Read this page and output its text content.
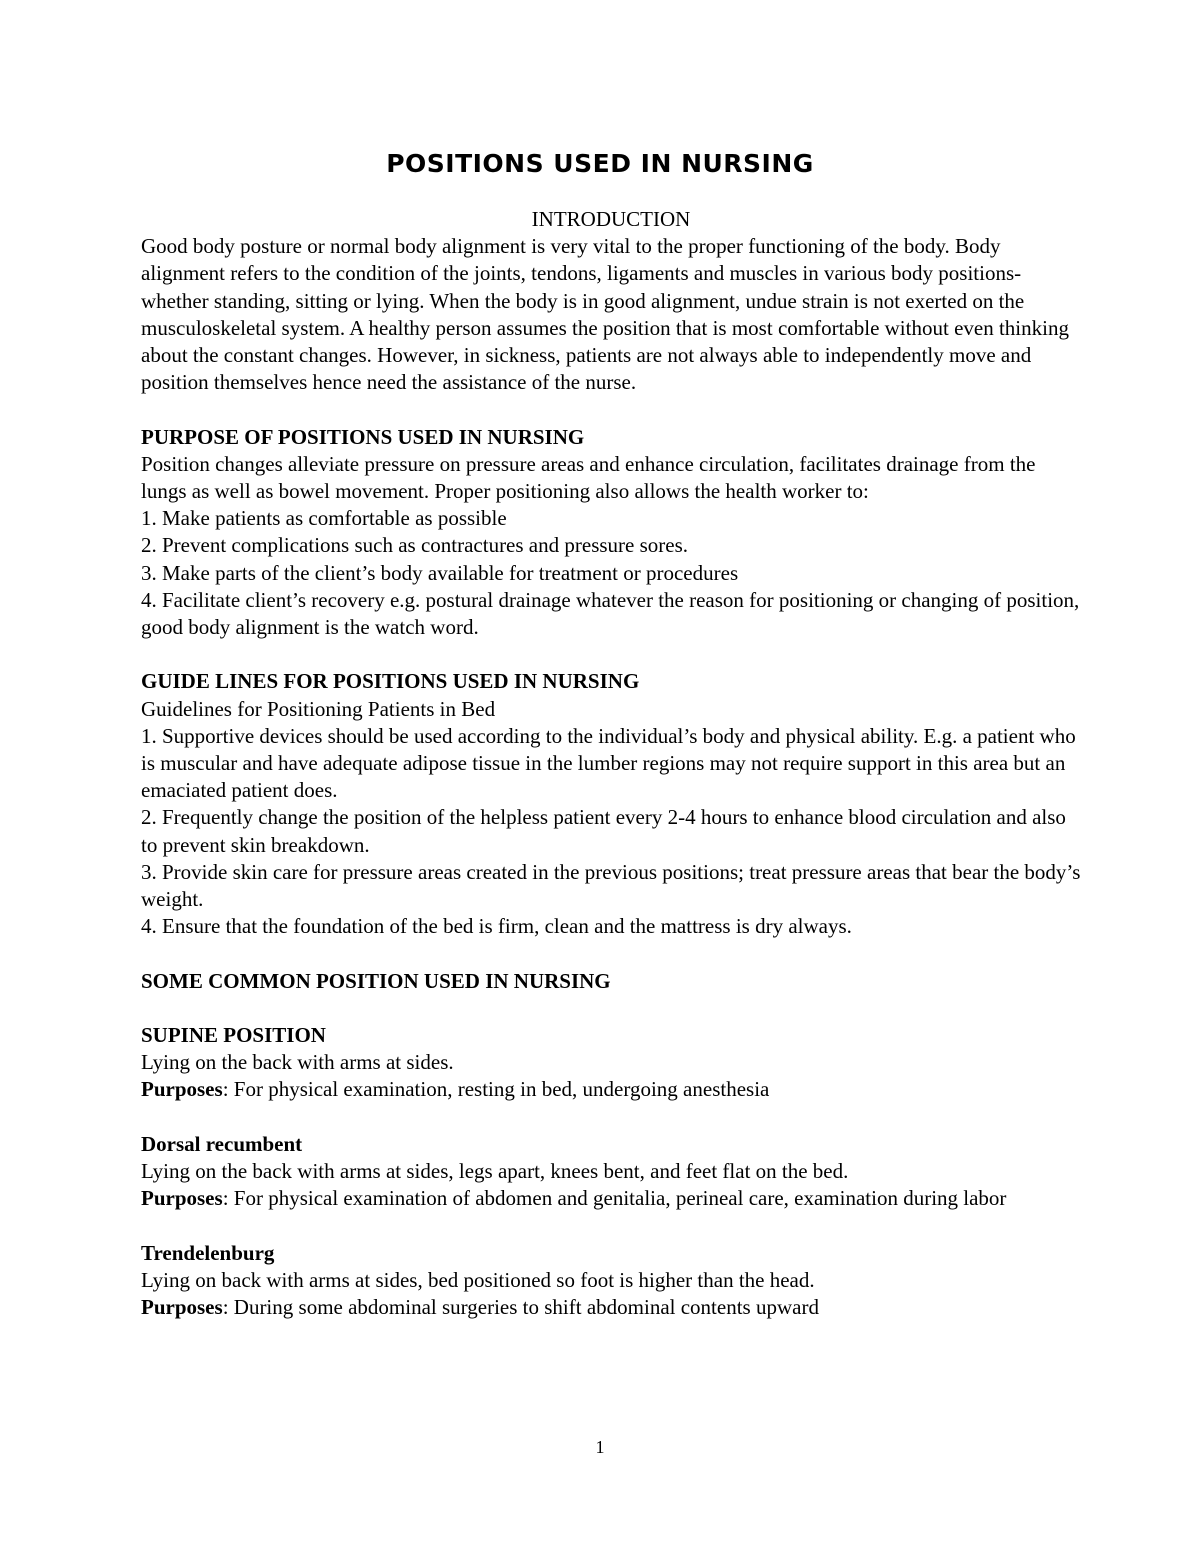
POSITIONS USED IN NURSING

INTRODUCTION

Good body posture or normal body alignment is very vital to the proper functioning of the body. Body alignment refers to the condition of the joints, tendons, ligaments and muscles in various body positions-whether standing, sitting or lying. When the body is in good alignment, undue strain is not exerted on the musculoskeletal system. A healthy person assumes the position that is most comfortable without even thinking about the constant changes. However, in sickness, patients are not always able to independently move and position themselves hence need the assistance of the nurse.

PURPOSE OF POSITIONS USED IN NURSING

Position changes alleviate pressure on pressure areas and enhance circulation, facilitates drainage from the lungs as well as bowel movement. Proper positioning also allows the health worker to:

1. Make patients as comfortable as possible

2. Prevent complications such as contractures and pressure sores.

3. Make parts of the client’s body available for treatment or procedures

4. Facilitate client’s recovery e.g. postural drainage whatever the reason for positioning or changing of position, good body alignment is the watch word.

GUIDE LINES FOR POSITIONS USED IN NURSING

Guidelines for Positioning Patients in Bed

1. Supportive devices should be used according to the individual’s body and physical ability. E.g. a patient who is muscular and have adequate adipose tissue in the lumber regions may not require support in this area but an emaciated patient does.

2. Frequently change the position of the helpless patient every 2-4 hours to enhance blood circulation and also to prevent skin breakdown.

3. Provide skin care for pressure areas created in the previous positions; treat pressure areas that bear the body’s weight.

4. Ensure that the foundation of the bed is firm, clean and the mattress is dry always.

SOME COMMON POSITION USED IN NURSING

SUPINE POSITION

Lying on the back with arms at sides.

Purposes: For physical examination, resting in bed, undergoing anesthesia

Dorsal recumbent

Lying on the back with arms at sides, legs apart, knees bent, and feet flat on the bed.

Purposes: For physical examination of abdomen and genitalia, perineal care, examination during labor

Trendelenburg

Lying on back with arms at sides, bed positioned so foot is higher than the head.

Purposes: During some abdominal surgeries to shift abdominal contents upward

1
